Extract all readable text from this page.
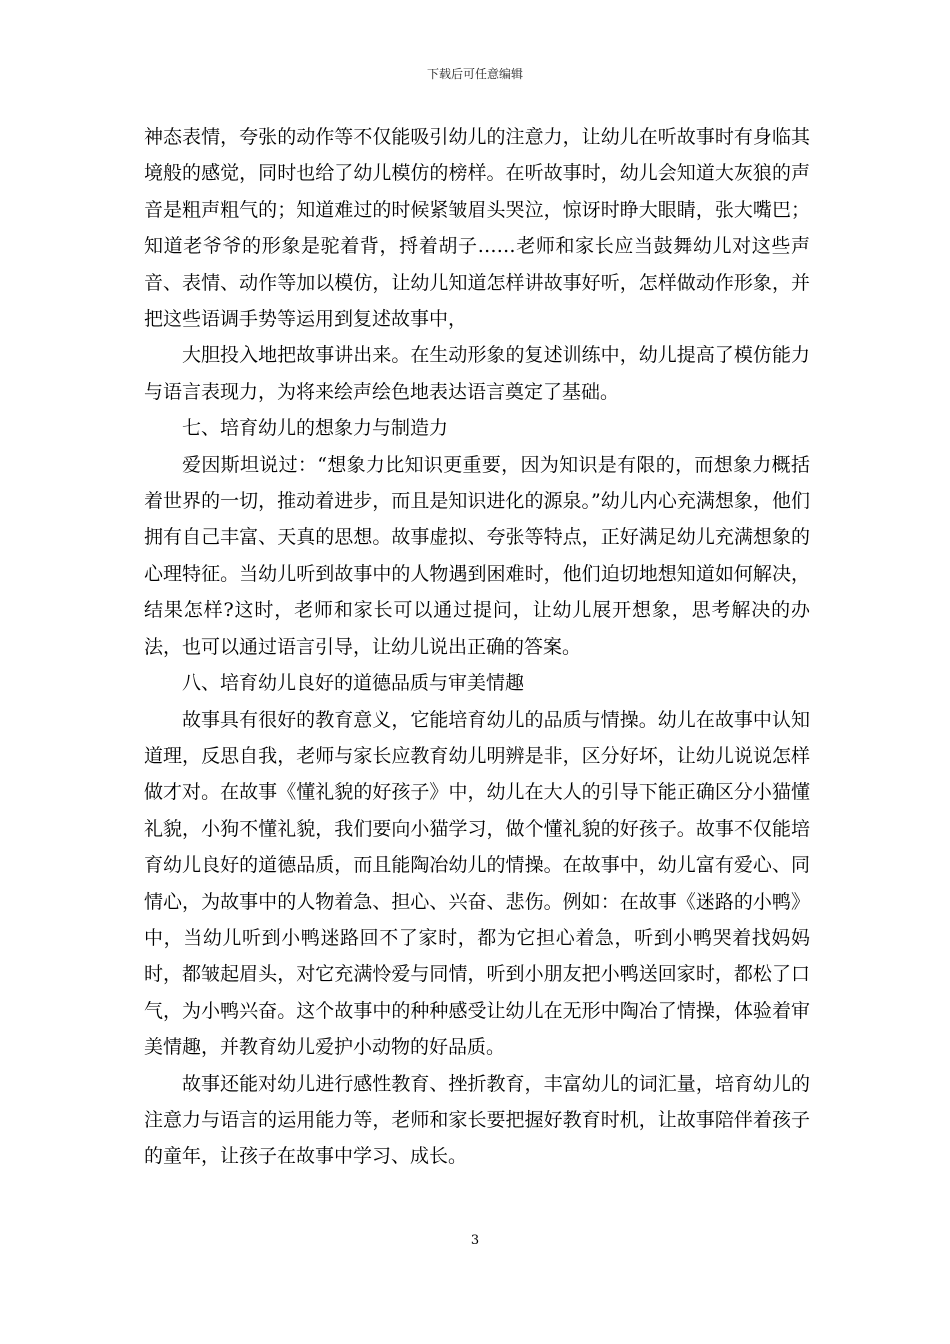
下载后可任意编辑

神态表情，夸张的动作等不仅能吸引幼儿的注意力，让幼儿在听故事时有身临其境般的感觉，同时也给了幼儿模仿的榜样。在听故事时，幼儿会知道大灰狼的声音是粗声粗气的；知道难过的时候紧皱眉头哭泣，惊讶时睁大眼睛，张大嘴巴；知道老爷爷的形象是驼着背，捋着胡子……老师和家长应当鼓舞幼儿对这些声音、表情、动作等加以模仿，让幼儿知道怎样讲故事好听，怎样做动作形象，并把这些语调手势等运用到复述故事中，

大胆投入地把故事讲出来。在生动形象的复述训练中，幼儿提高了模仿能力与语言表现力，为将来绘声绘色地表达语言奠定了基础。

七、培育幼儿的想象力与制造力

爱因斯坦说过：“想象力比知识更重要，因为知识是有限的，而想象力概括着世界的一切，推动着进步，而且是知识进化的源泉。”幼儿内心充满想象，他们拥有自己丰富、天真的思想。故事虚拟、夸张等特点，正好满足幼儿充满想象的心理特征。当幼儿听到故事中的人物遇到困难时，他们迫切地想知道如何解决，结果怎样?这时，老师和家长可以通过提问，让幼儿展开想象，思考解决的办法，也可以通过语言引导，让幼儿说出正确的答案。

八、培育幼儿良好的道德品质与审美情趣

故事具有很好的教育意义，它能培育幼儿的品质与情操。幼儿在故事中认知道理，反思自我，老师与家长应教育幼儿明辨是非，区分好坏，让幼儿说说怎样做才对。在故事《懂礼貌的好孩子》中，幼儿在大人的引导下能正确区分小猫懂礼貌，小狗不懂礼貌，我们要向小猫学习，做个懂礼貌的好孩子。故事不仅能培育幼儿良好的道德品质，而且能陶冶幼儿的情操。在故事中，幼儿富有爱心、同情心，为故事中的人物着急、担心、兴奋、悲伤。例如：在故事《迷路的小鸭》中，当幼儿听到小鸭迷路回不了家时，都为它担心着急，听到小鸭哭着找妈妈时，都皱起眉头，对它充满怜爱与同情，听到小朋友把小鸭送回家时，都松了口气，为小鸭兴奋。这个故事中的种种感受让幼儿在无形中陶冶了情操，体验着审美情趣，并教育幼儿爱护小动物的好品质。

故事还能对幼儿进行感性教育、挫折教育，丰富幼儿的词汇量，培育幼儿的注意力与语言的运用能力等，老师和家长要把握好教育时机，让故事陪伴着孩子的童年，让孩子在故事中学习、成长。

3
